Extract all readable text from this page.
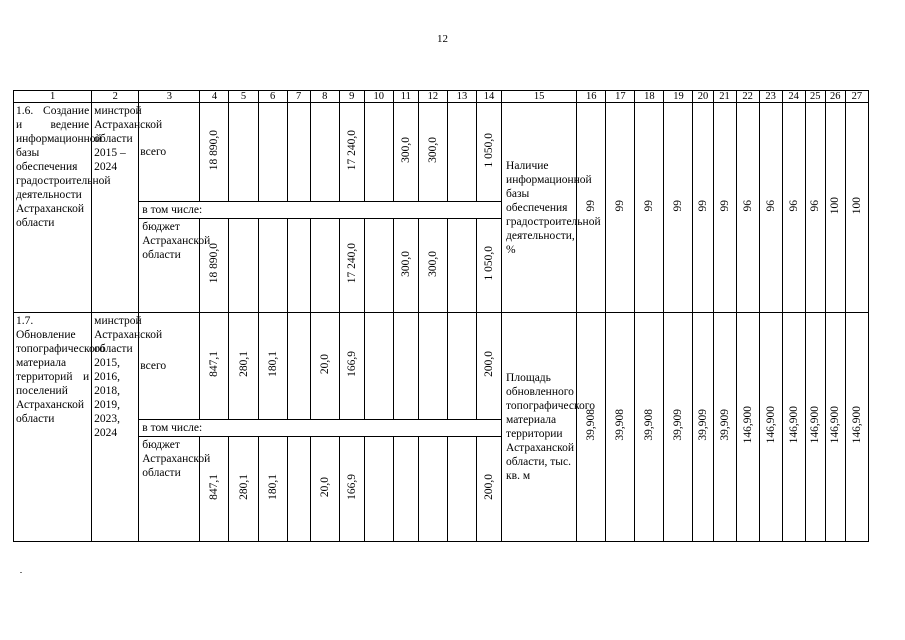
12
1	2	3	4	5	6	7	8	9	10	11	12	13	14	15	16	17	18	19	20	21	22	23	24	25	26	27
1.6. Создание и ведение информационной базы обеспечения градостроительной деятельности Астраханской области	минстрой Астраханской области 2015 – 2024	всего	18 890,0					17 240,0		300,0	300,0		1 050,0	Наличие информационной базы обеспечения градостроительной деятельности, %	99	99	99	99	99	99	96	96	96	96	100	100
		в том числе:																								
		бюджет Астраханской области	18 890,0					17 240,0		300,0	300,0		1 050,0													
1.7. Обновление топографического материала территорий и поселений Астраханской области	минстрой Астраханской области 2015, 2016, 2018, 2019, 2023, 2024	всего	847,1	280,1	180,1		20,0	166,9					200,0	Площадь обновленного топографического материала территории Астраханской области, тыс. кв. м	39,908	39,908	39,908	39,909	39,909	39,909	146,900	146,900	146,900	146,900	146,900	146,900
		в том числе:																								
		бюджет Астраханской области	847,1	280,1	180,1		20,0	166,9					200,0													
